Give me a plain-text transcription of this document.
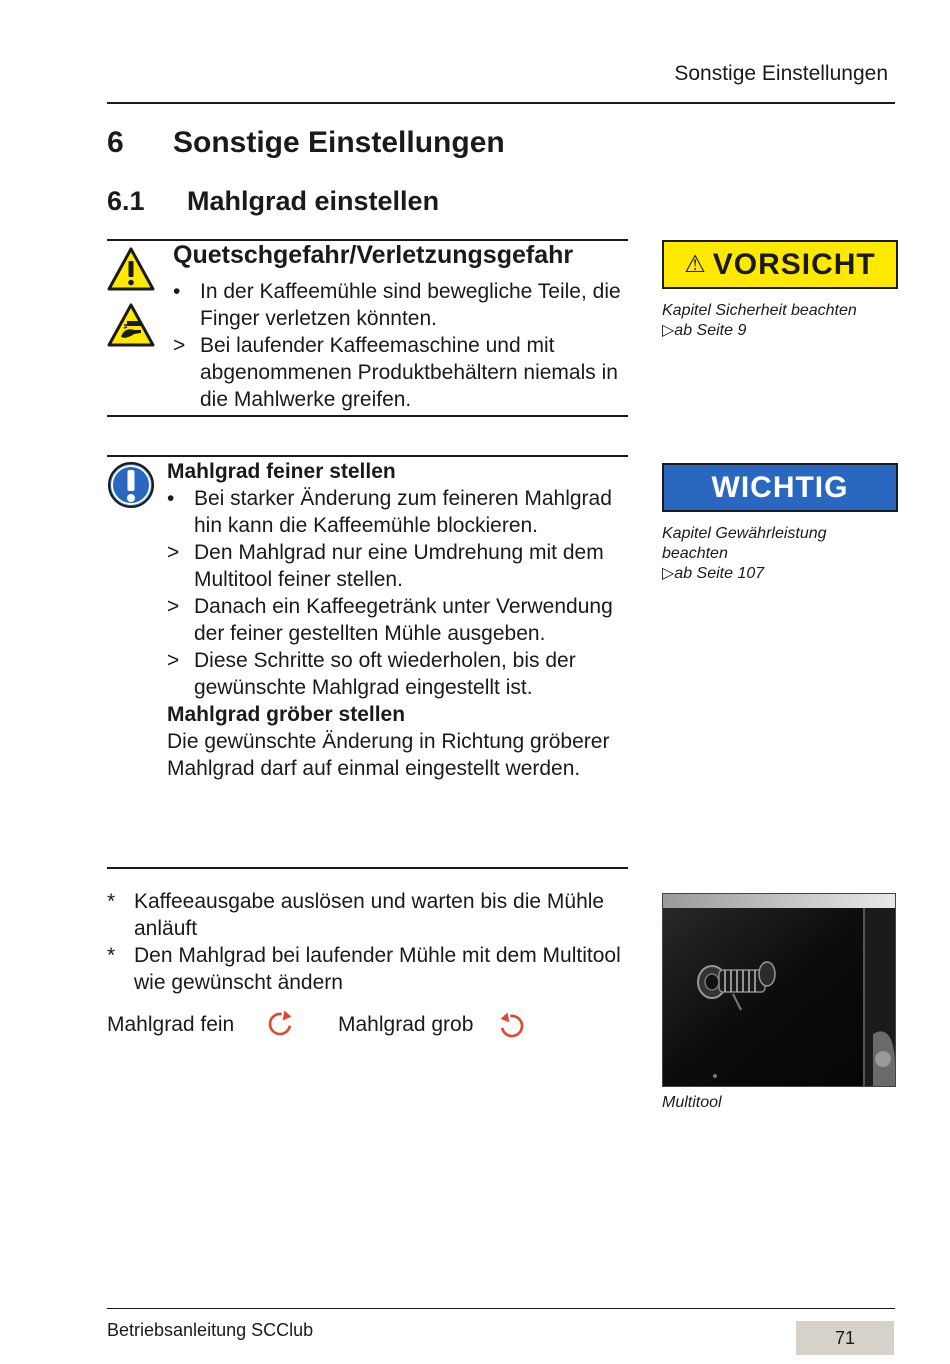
Sonstige Einstellungen
6 Sonstige Einstellungen
6.1 Mahlgrad einstellen
Quetschgefahr/Verletzungsgefahr
• In der Kaffeemühle sind bewegliche Teile, die Finger verletzen könnten.
> Bei laufender Kaffeemaschine und mit abgenommenen Produktbehältern niemals in die Mahlwerke greifen.
⚠ VORSICHT
Kapitel Sicherheit beachten
▷ab Seite 9
Mahlgrad feiner stellen
• Bei starker Änderung zum feineren Mahlgrad hin kann die Kaffeemühle blockieren.
> Den Mahlgrad nur eine Umdrehung mit dem Multitool feiner stellen.
> Danach ein Kaffeegetränk unter Verwendung der feiner gestellten Mühle ausgeben.
> Diese Schritte so oft wiederholen, bis der gewünschte Mahlgrad eingestellt ist.
Mahlgrad gröber stellen
Die gewünschte Änderung in Richtung gröberer Mahlgrad darf auf einmal eingestellt werden.
WICHTIG
Kapitel Gewährleistung
beachten
▷ab Seite 107
* Kaffeeausgabe auslösen und warten bis die Mühle anläuft
* Den Mahlgrad bei laufender Mühle mit dem Multitool wie gewünscht ändern
Mahlgrad fein	Mahlgrad grob
Multitool
Betriebsanleitung SCClub	71
